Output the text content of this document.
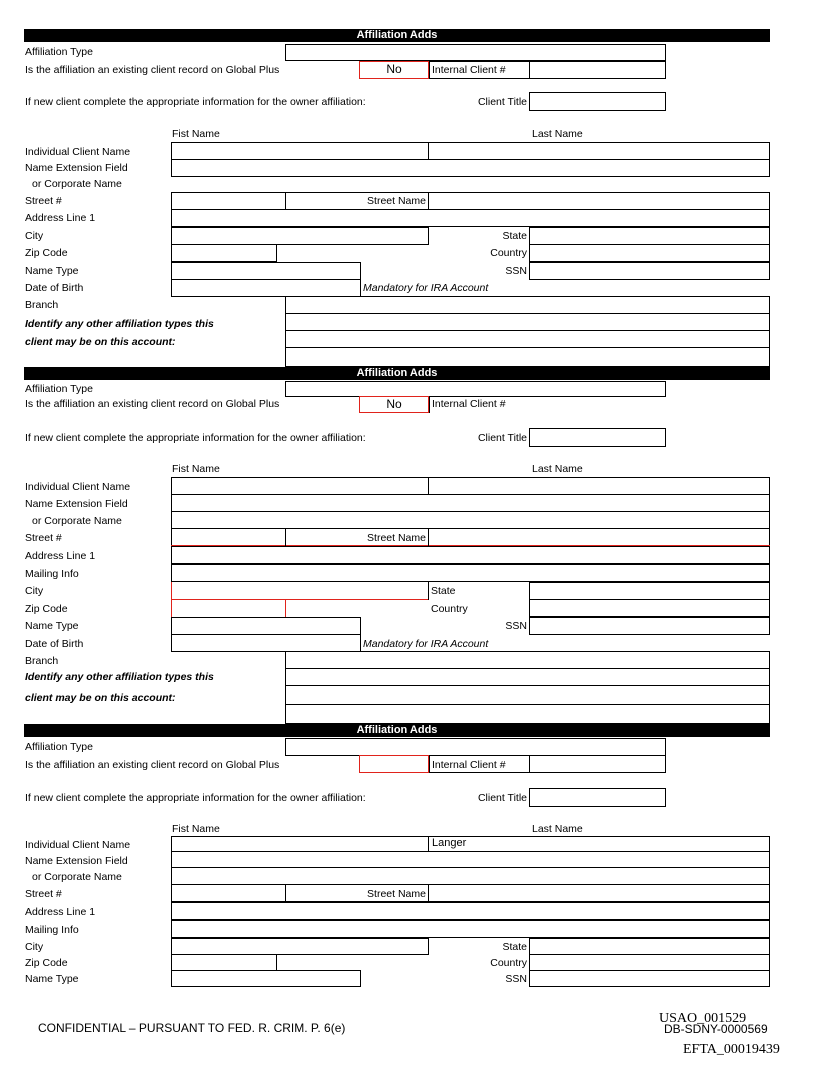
Affiliation Adds
Affiliation Type
Is the affiliation an existing client record on Global Plus	No	Internal Client #
If new client complete the appropriate information for the owner affiliation:	Client Title
Fist Name	Last Name
Individual Client Name
Name Extension Field
or Corporate Name
Street #	Street Name
Address Line 1
City	State
Zip Code	Country
Name Type	SSN
Date of Birth	Mandatory for IRA Account
Branch
Identify any other affiliation types this
client may be on this account:
Affiliation Adds
Affiliation Type
Is the affiliation an existing client record on Global Plus	No	Internal Client #
If new client complete the appropriate information for the owner affiliation:	Client Title
Fist Name	Last Name
Individual Client Name
Name Extension Field
or Corporate Name
Street #	Street Name
Address Line 1
Mailing Info
City	State
Zip Code	Country
Name Type	SSN
Date of Birth	Mandatory for IRA Account
Branch
Identify any other affiliation types this
client may be on this account:
Affiliation Adds
Affiliation Type
Is the affiliation an existing client record on Global Plus	Internal Client #
If new client complete the appropriate information for the owner affiliation:	Client Title
Fist Name	Last Name
Individual Client Name	Langer
Name Extension Field
or Corporate Name
Street #	Street Name
Address Line 1
Mailing Info
City	State
Zip Code	Country
Name Type	SSN
CONFIDENTIAL – PURSUANT TO FED. R. CRIM. P. 6(e)
USAO_001529
DB-SDNY-0000569
EFTA_00019439
